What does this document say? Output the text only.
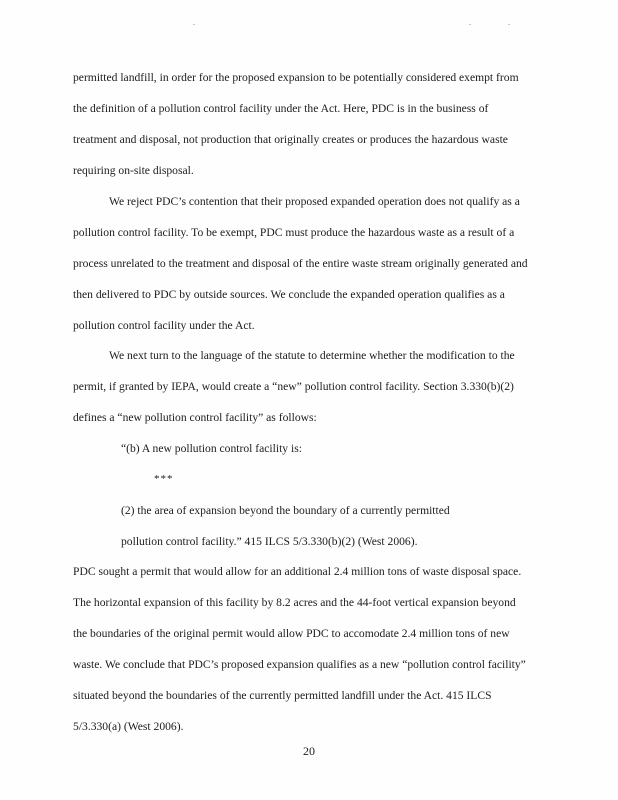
permitted landfill, in order for the proposed expansion to be potentially considered exempt from
the definition of a pollution control facility under the Act. Here, PDC is in the business of
treatment and disposal, not production that originally creates or produces the hazardous waste
requiring on-site disposal.
We reject PDC’s contention that their proposed expanded operation does not qualify as a
pollution control facility. To be exempt, PDC must produce the hazardous waste as a result of a
process unrelated to the treatment and disposal of the entire waste stream originally generated and
then delivered to PDC by outside sources. We conclude the expanded operation qualifies as a
pollution control facility under the Act.
We next turn to the language of the statute to determine whether the modification to the
permit, if granted by IEPA, would create a “new” pollution control facility. Section 3.330(b)(2)
defines a “new pollution control facility” as follows:
“(b) A new pollution control facility is:
***
(2) the area of expansion beyond the boundary of a currently permitted
pollution control facility.” 415 ILCS 5/3.330(b)(2) (West 2006).
PDC sought a permit that would allow for an additional 2.4 million tons of waste disposal space.
The horizontal expansion of this facility by 8.2 acres and the 44-foot vertical expansion beyond
the boundaries of the original permit would allow PDC to accomodate 2.4 million tons of new
waste. We conclude that PDC’s proposed expansion qualifies as a new “pollution control facility”
situated beyond the boundaries of the currently permitted landfill under the Act. 415 ILCS
5/3.330(a) (West 2006).
20
